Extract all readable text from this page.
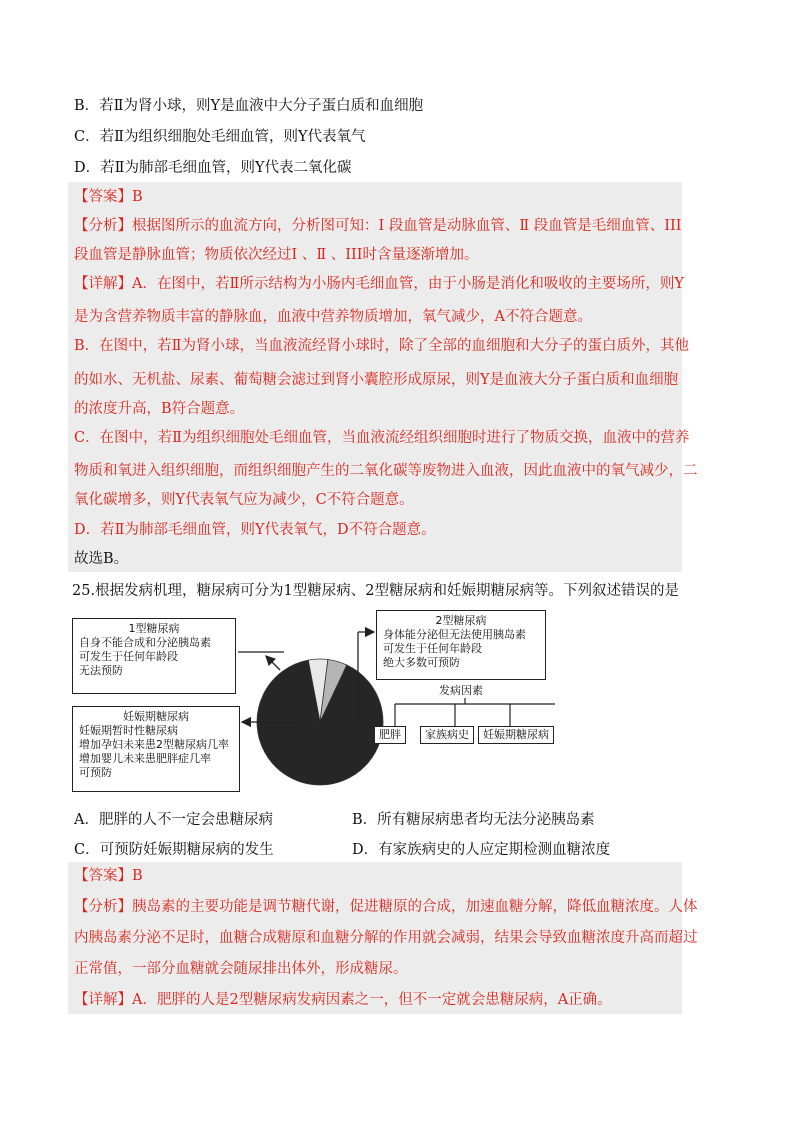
B．若Ⅱ为肾小球，则Y是血液中大分子蛋白质和血细胞
C．若Ⅱ为组织细胞处毛细血管，则Y代表氧气
D．若Ⅱ为肺部毛细血管，则Y代表二氧化碳
【答案】B
【分析】根据图所示的血流方向，分析图可知：Ⅰ 段血管是动脉血管、Ⅱ 段血管是毛细血管、III
段血管是静脉血管；物质依次经过Ⅰ 、Ⅱ 、III时含量逐渐增加。
【详解】A．在图中，若Ⅱ所示结构为小肠内毛细血管，由于小肠是消化和吸收的主要场所，则Y
是为含营养物质丰富的静脉血，血液中营养物质增加，氧气减少，A不符合题意。
B．在图中，若Ⅱ为肾小球，当血液流经肾小球时，除了全部的血细胞和大分子的蛋白质外，其他
的如水、无机盐、尿素、葡萄糖会滤过到肾小囊腔形成原尿，则Y是血液大分子蛋白质和血细胞
的浓度升高，B符合题意。
C．在图中，若Ⅱ为组织细胞处毛细血管，当血液流经组织细胞时进行了物质交换，血液中的营养
物质和氧进入组织细胞，而组织细胞产生的二氧化碳等废物进入血液，因此血液中的氧气减少，二
氧化碳增多，则Y代表氧气应为减少，C不符合题意。
D．若Ⅱ为肺部毛细血管，则Y代表氧气，D不符合题意。
故选B。
25.根据发病机理，糖尿病可分为1型糖尿病、2型糖尿病和妊娠期糖尿病等。下列叙述错误的是
1型糖尿病
自身不能合成和分泌胰岛素
可发生于任何年龄段
无法预防
妊娠期糖尿病
妊娠期暂时性糖尿病
增加孕妇未来患2型糖尿病几率
增加婴儿未来患肥胖症几率
可预防
2型糖尿病
身体能分泌但无法使用胰岛素
可发生于任何年龄段
绝大多数可预防
发病因素
肥胖	家族病史	妊娠期糖尿病
A．肥胖的人不一定会患糖尿病	B．所有糖尿病患者均无法分泌胰岛素
C．可预防妊娠期糖尿病的发生	D．有家族病史的人应定期检测血糖浓度
【答案】B
【分析】胰岛素的主要功能是调节糖代谢，促进糖原的合成，加速血糖分解，降低血糖浓度。人体
内胰岛素分泌不足时，血糖合成糖原和血糖分解的作用就会减弱，结果会导致血糖浓度升高而超过
正常值，一部分血糖就会随尿排出体外，形成糖尿。
【详解】A．肥胖的人是2型糖尿病发病因素之一，但不一定就会患糖尿病，A正确。
